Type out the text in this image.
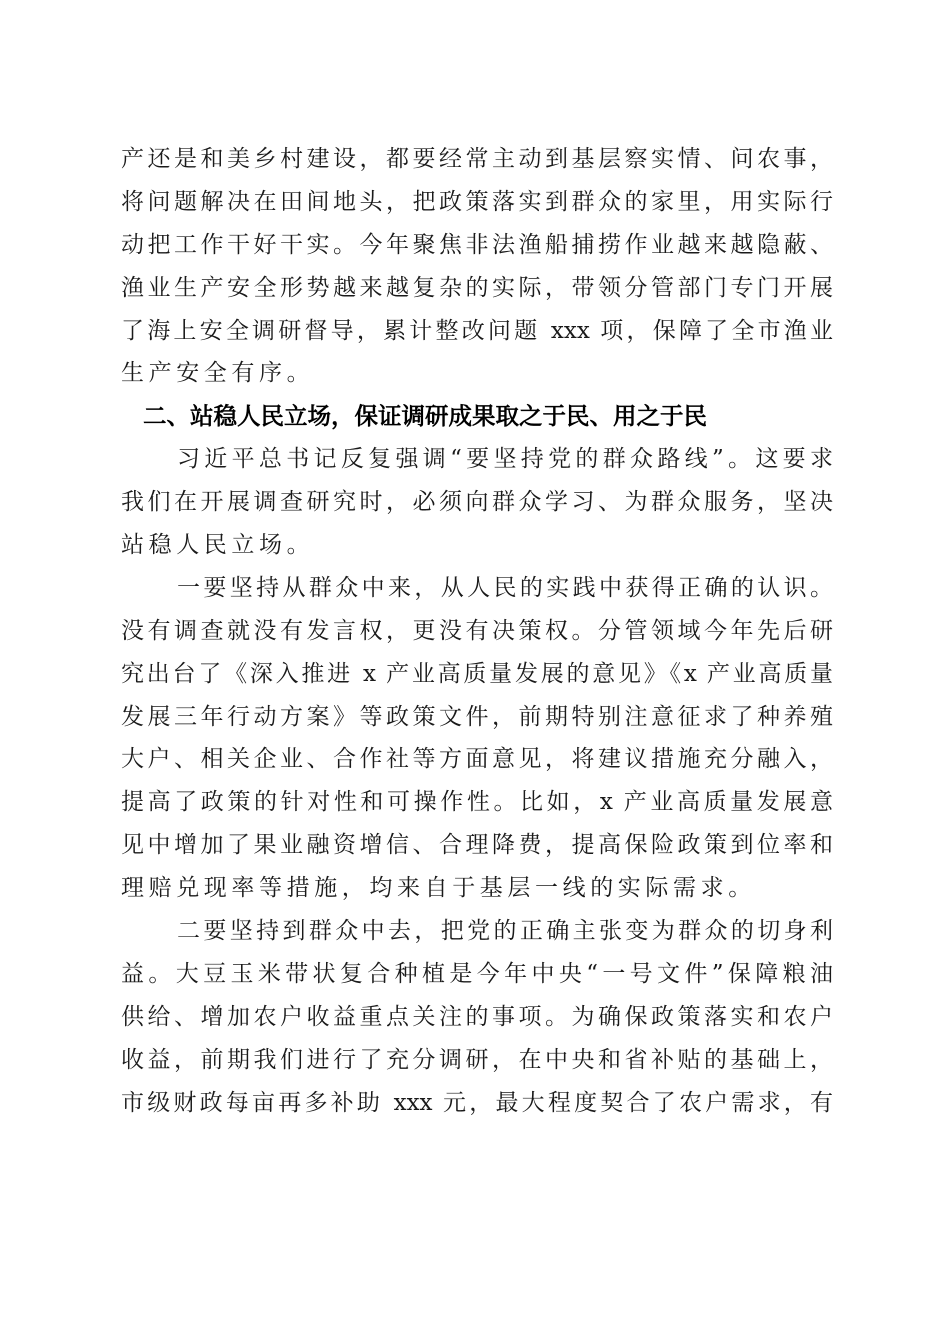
产还是和美乡村建设，都要经常主动到基层察实情、问农事，
将问题解决在田间地头，把政策落实到群众的家里，用实际行
动把工作干好干实。今年聚焦非法渔船捕捞作业越来越隐蔽、
渔业生产安全形势越来越复杂的实际，带领分管部门专门开展
了海上安全调研督导，累计整改问题 xxx 项，保障了全市渔业
生产安全有序。
二、站稳人民立场，保证调研成果取之于民、用之于民
习近平总书记反复强调“要坚持党的群众路线”。这要求
我们在开展调查研究时，必须向群众学习、为群众服务，坚决
站稳人民立场。
一要坚持从群众中来，从人民的实践中获得正确的认识。
没有调查就没有发言权，更没有决策权。分管领域今年先后研
究出台了《深入推进 x 产业高质量发展的意见》《x 产业高质量
发展三年行动方案》等政策文件，前期特别注意征求了种养殖
大户、相关企业、合作社等方面意见，将建议措施充分融入，
提高了政策的针对性和可操作性。比如，x 产业高质量发展意
见中增加了果业融资增信、合理降费，提高保险政策到位率和
理赔兑现率等措施，均来自于基层一线的实际需求。
二要坚持到群众中去，把党的正确主张变为群众的切身利
益。大豆玉米带状复合种植是今年中央“一号文件”保障粮油
供给、增加农户收益重点关注的事项。为确保政策落实和农户
收益，前期我们进行了充分调研，在中央和省补贴的基础上，
市级财政每亩再多补助 xxx 元，最大程度契合了农户需求，有
